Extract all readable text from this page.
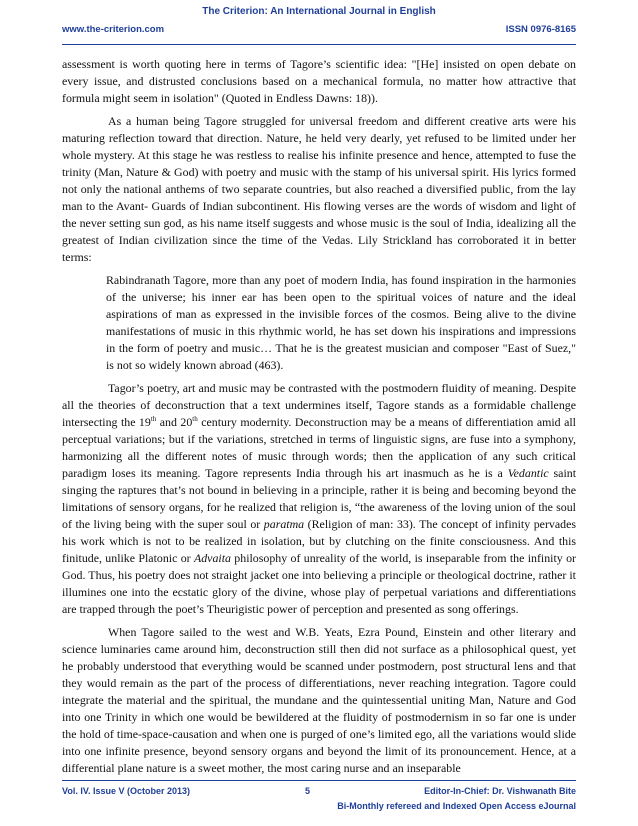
The Criterion: An International Journal in English
www.the-criterion.com	ISSN 0976-8165

assessment is worth quoting here in terms of Tagore’s scientific idea: "[He] insisted on open debate on every issue, and distrusted conclusions based on a mechanical formula, no matter how attractive that formula might seem in isolation" (Quoted in Endless Dawns: 18)).

As a human being Tagore struggled for universal freedom and different creative arts were his maturing reflection toward that direction. Nature, he held very dearly, yet refused to be limited under her whole mystery. At this stage he was restless to realise his infinite presence and hence, attempted to fuse the trinity (Man, Nature & God) with poetry and music with the stamp of his universal spirit. His lyrics formed not only the national anthems of two separate countries, but also reached a diversified public, from the lay man to the Avant- Guards of Indian subcontinent. His flowing verses are the words of wisdom and light of the never setting sun god, as his name itself suggests and whose music is the soul of India, idealizing all the greatest of Indian civilization since the time of the Vedas. Lily Strickland has corroborated it in better terms:

Rabindranath Tagore, more than any poet of modern India, has found inspiration in the harmonies of the universe; his inner ear has been open to the spiritual voices of nature and the ideal aspirations of man as expressed in the invisible forces of the cosmos. Being alive to the divine manifestations of music in this rhythmic world, he has set down his inspirations and impressions in the form of poetry and music… That he is the greatest musician and composer "East of Suez," is not so widely known abroad (463).

Tagor’s poetry, art and music may be contrasted with the postmodern fluidity of meaning. Despite all the theories of deconstruction that a text undermines itself, Tagore stands as a formidable challenge intersecting the 19th and 20th century modernity. Deconstruction may be a means of differentiation amid all perceptual variations; but if the variations, stretched in terms of linguistic signs, are fuse into a symphony, harmonizing all the different notes of music through words; then the application of any such critical paradigm loses its meaning. Tagore represents India through his art inasmuch as he is a Vedantic saint singing the raptures that’s not bound in believing in a principle, rather it is being and becoming beyond the limitations of sensory organs, for he realized that religion is, “the awareness of the loving union of the soul of the living being with the super soul or paratma (Religion of man: 33). The concept of infinity pervades his work which is not to be realized in isolation, but by clutching on the finite consciousness. And this finitude, unlike Platonic or Advaita philosophy of unreality of the world, is inseparable from the infinity or God. Thus, his poetry does not straight jacket one into believing a principle or theological doctrine, rather it illumines one into the ecstatic glory of the divine, whose play of perpetual variations and differentiations are trapped through the poet’s Theurigistic power of perception and presented as song offerings.

When Tagore sailed to the west and W.B. Yeats, Ezra Pound, Einstein and other literary and science luminaries came around him, deconstruction still then did not surface as a philosophical quest, yet he probably understood that everything would be scanned under postmodern, post structural lens and that they would remain as the part of the process of differentiations, never reaching integration. Tagore could integrate the material and the spiritual, the mundane and the quintessential uniting Man, Nature and God into one Trinity in which one would be bewildered at the fluidity of postmodernism in so far one is under the hold of time-space-causation and when one is purged of one’s limited ego, all the variations would slide into one infinite presence, beyond sensory organs and beyond the limit of its pronouncement. Hence, at a differential plane nature is a sweet mother, the most caring nurse and an inseparable

Vol. IV. Issue V (October 2013)	5	Editor-In-Chief: Dr. Vishwanath Bite
Bi-Monthly refereed and Indexed Open Access eJournal
